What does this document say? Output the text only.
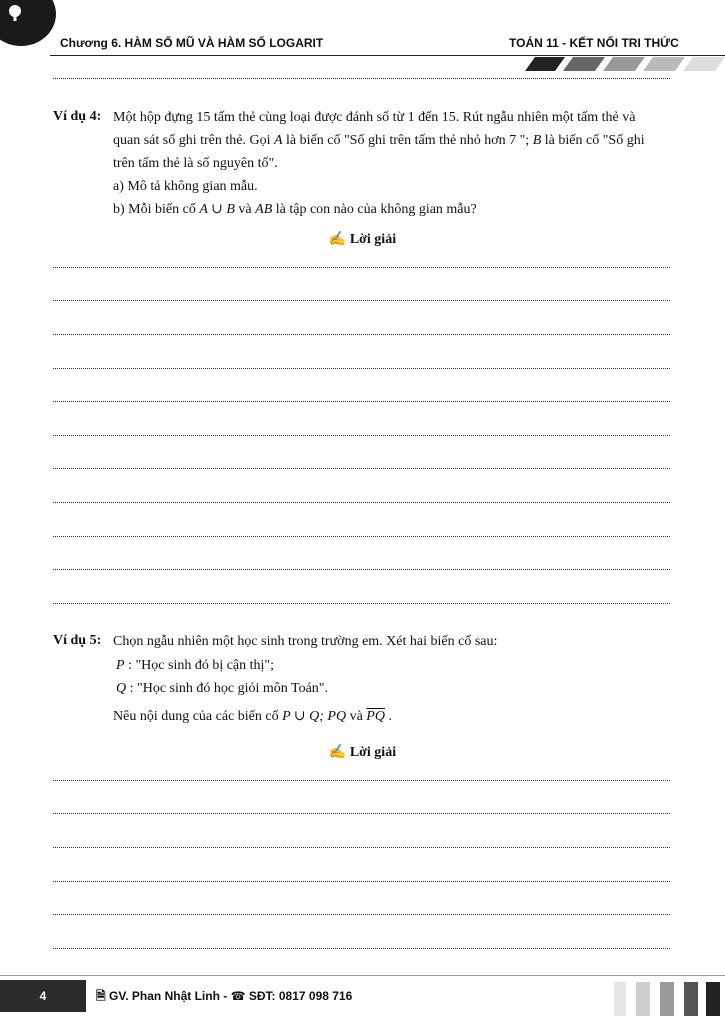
Chương 6. HÀM SỐ MŨ VÀ HÀM SỐ LOGARIT	TOÁN 11 - KẾT NỐI TRI THỨC
Ví dụ 4: Một hộp đựng 15 tấm thẻ cùng loại được đánh số từ 1 đến 15. Rút ngẫu nhiên một tấm thẻ và
quan sát số ghi trên thẻ. Gọi A là biến cố "Số ghi trên tấm thẻ nhỏ hơn 7 "; B là biến cố "Số ghi
trên tấm thẻ là số nguyên tố".
a) Mô tả không gian mẫu.
b) Mỗi biến cố A ∪ B và AB là tập con nào của không gian mẫu?
✍ Lời giải
Ví dụ 5: Chọn ngẫu nhiên một học sinh trong trường em. Xét hai biến cố sau:
P : "Học sinh đó bị cận thị";
Q : "Học sinh đó học giỏi môn Toán".
Nêu nội dung của các biến cố P ∪ Q; PQ và $\overline{PQ}$ .
✍ Lời giải
4	🗎 GV. Phan Nhật Linh - ☎ SĐT: 0817 098 716
